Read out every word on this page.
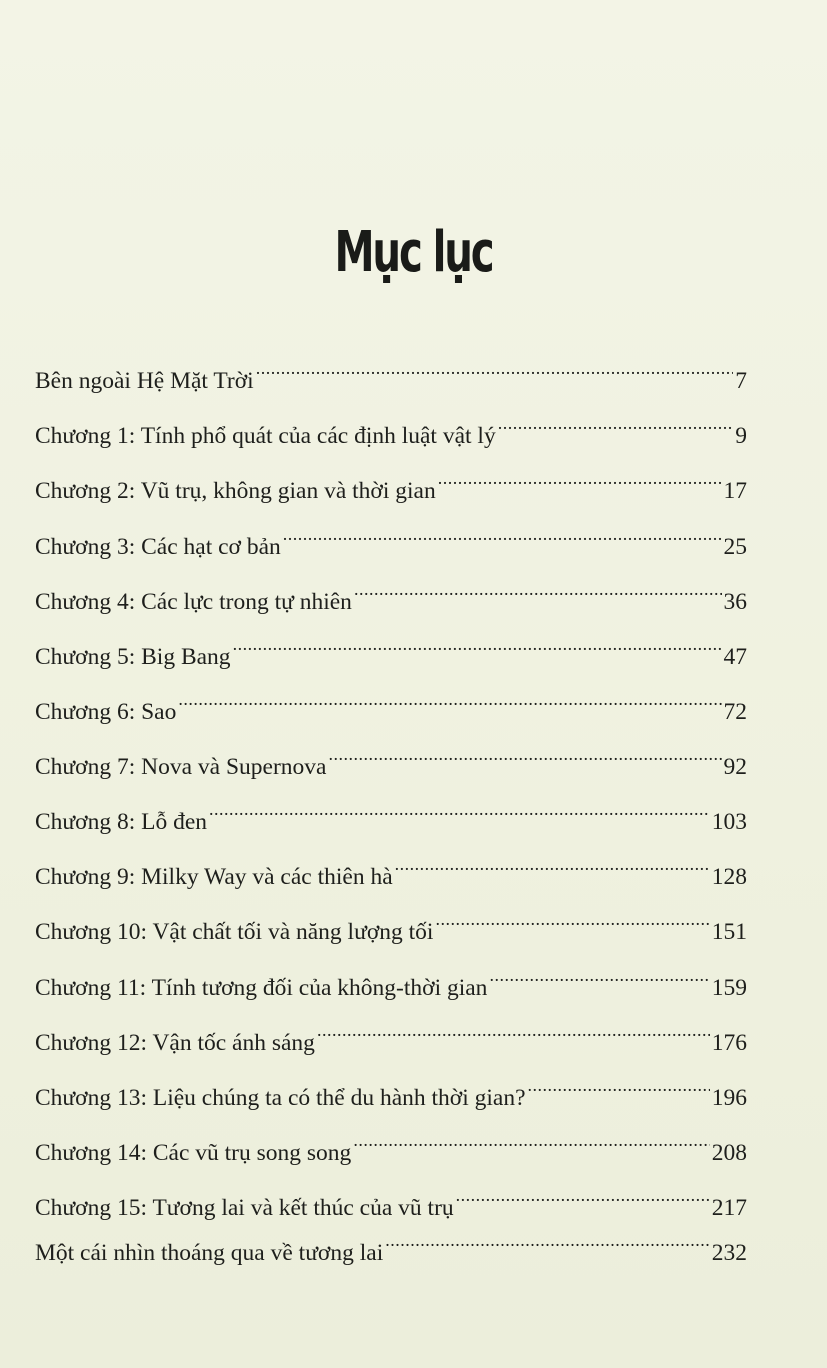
Mục lục
Bên ngoài Hệ Mặt Trời .....	7
Chương 1: Tính phổ quát của các định luật vật lý .....	9
Chương 2: Vũ trụ, không gian và thời gian .....	17
Chương 3: Các hạt cơ bản .....	25
Chương 4: Các lực trong tự nhiên .....	36
Chương 5: Big Bang .....	47
Chương 6: Sao .....	72
Chương 7: Nova và Supernova .....	92
Chương 8: Lỗ đen .....	103
Chương 9: Milky Way và các thiên hà .....	128
Chương 10: Vật chất tối và năng lượng tối .....	151
Chương 11: Tính tương đối của không-thời gian .....	159
Chương 12: Vận tốc ánh sáng .....	176
Chương 13: Liệu chúng ta có thể du hành thời gian? .....	196
Chương 14: Các vũ trụ song song .....	208
Chương 15: Tương lai và kết thúc của vũ trụ .....	217
Một cái nhìn thoáng qua về tương lai .....	232
